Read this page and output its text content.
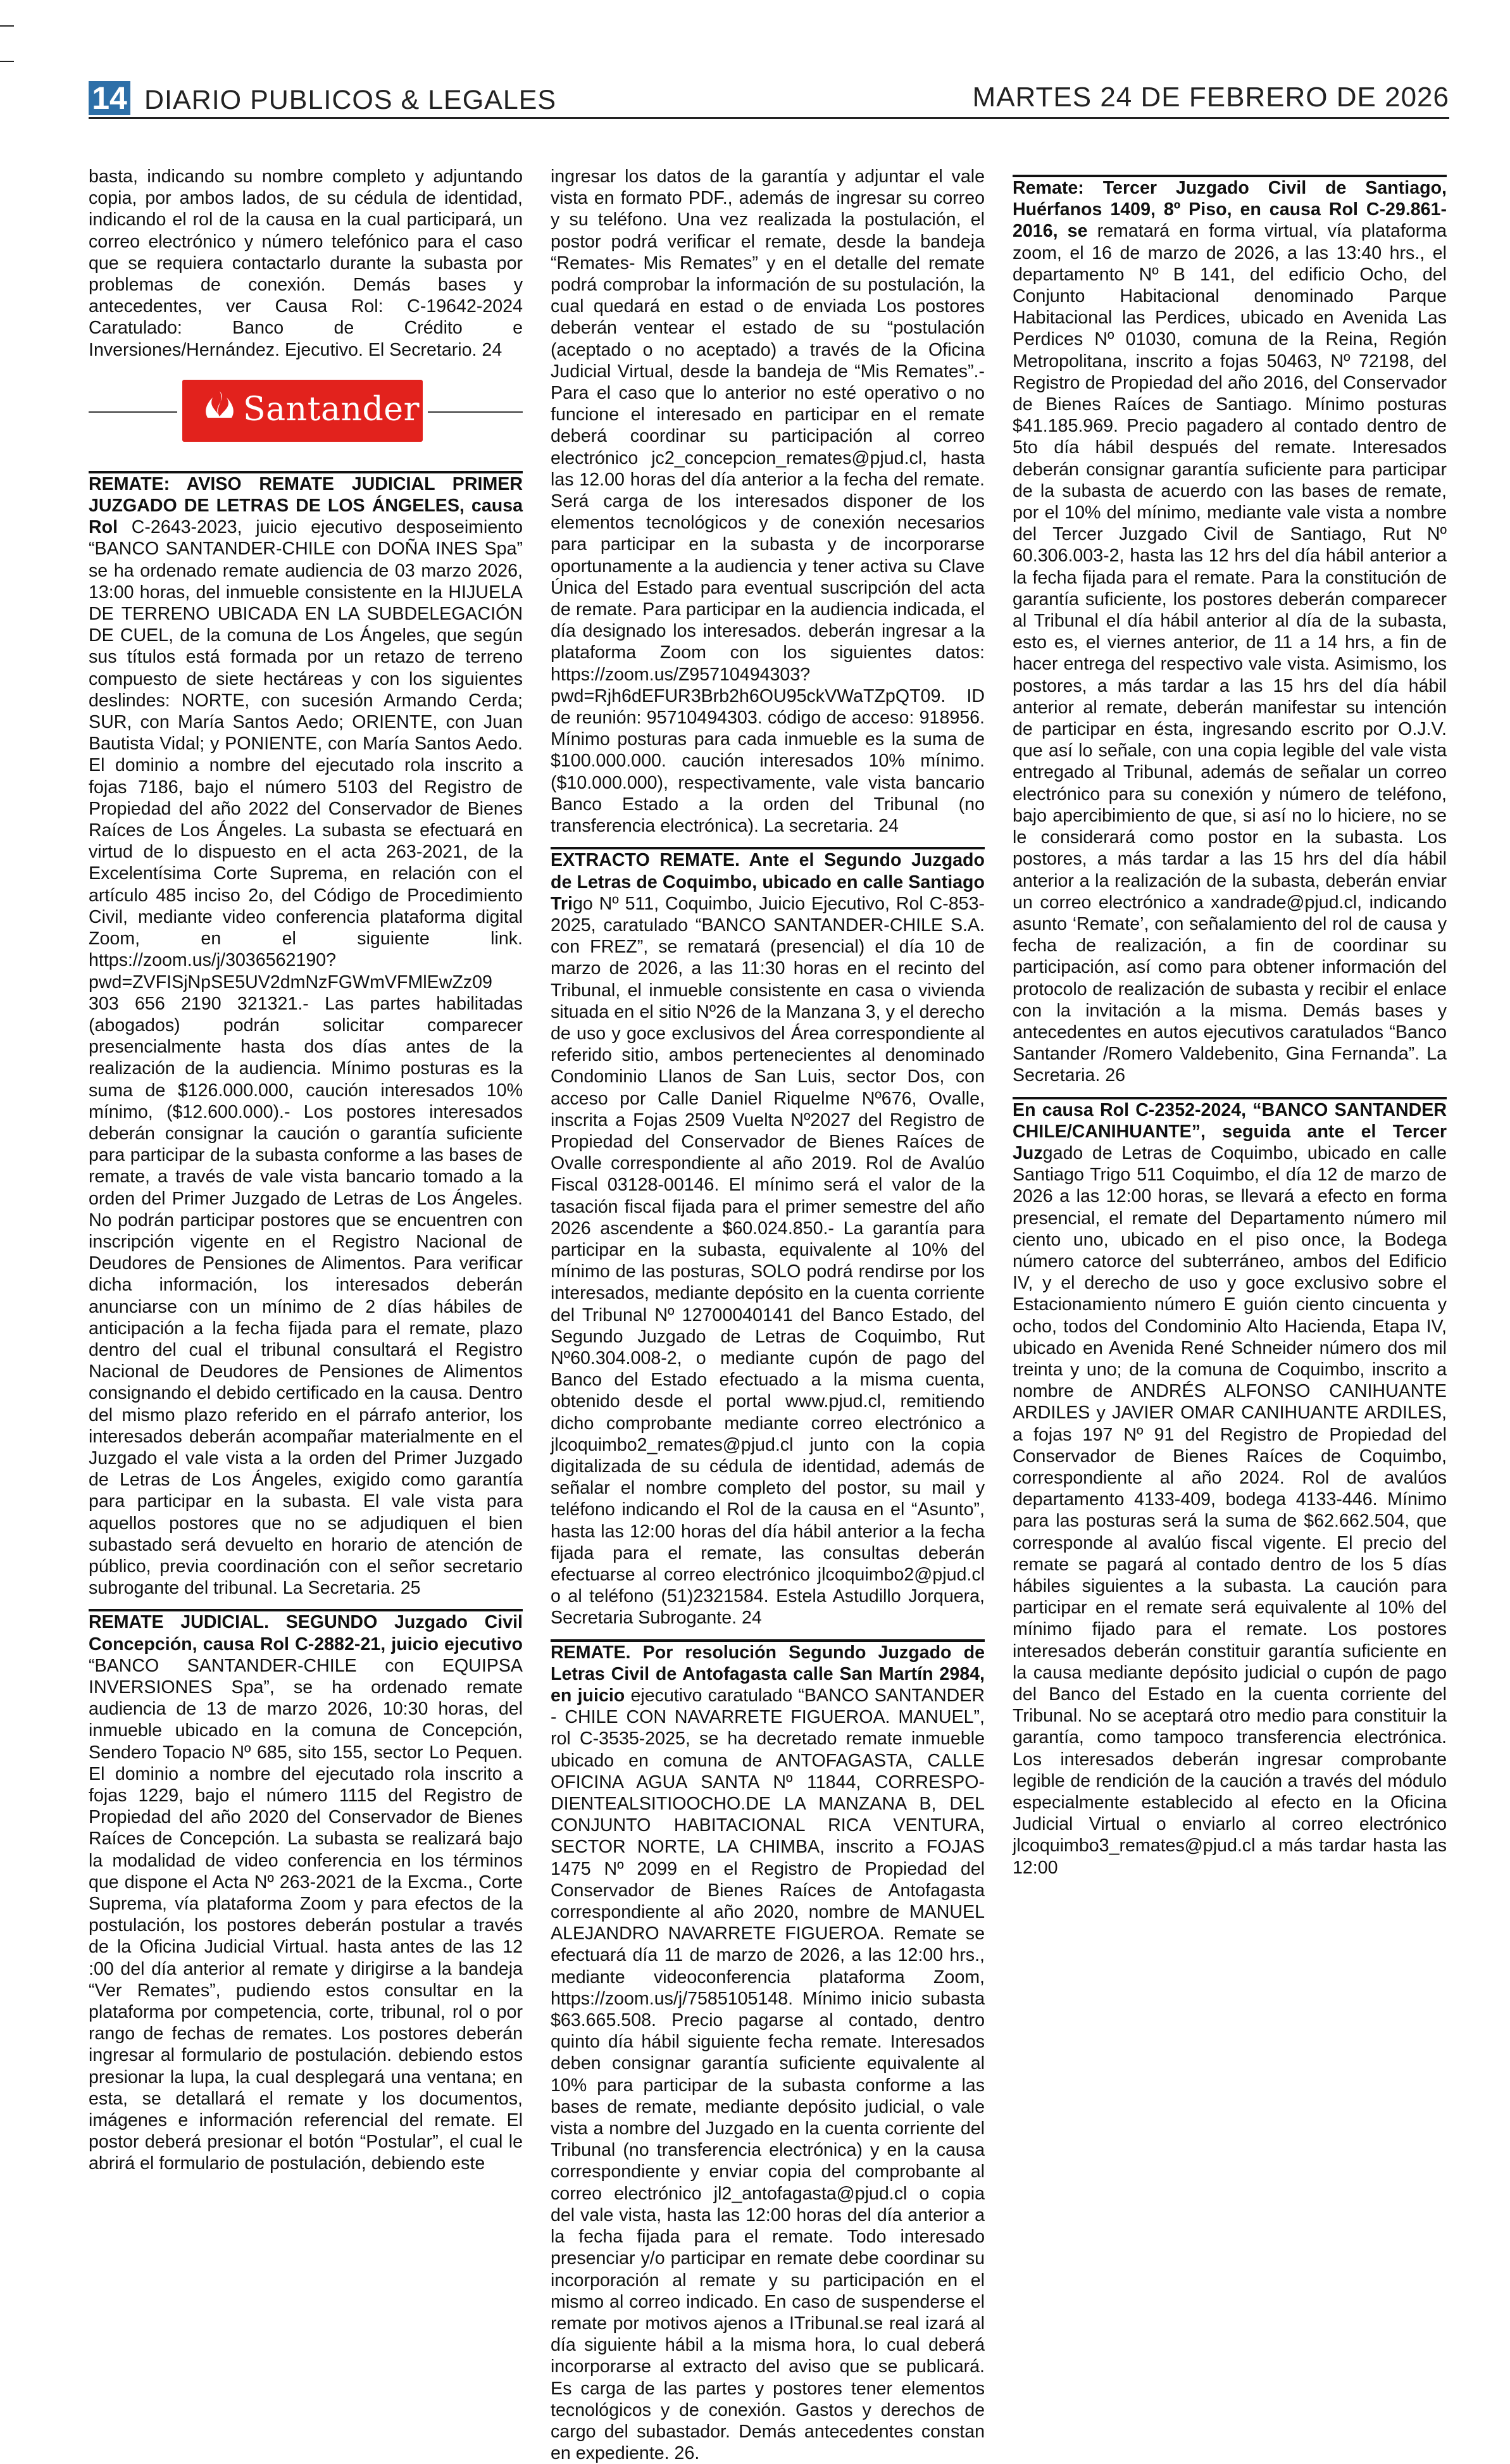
14 DIARIO PUBLICOS & LEGALES	MARTES 24 DE FEBRERO DE 2026

basta, indicando su nombre completo y adjuntando copia, por ambos lados, de su cédula de identidad, indicando el rol de la causa en la cual participará, un correo electrónico y número telefónico para el caso que se requiera contactarlo durante la subasta por problemas de conexión. Demás bases y antecedentes, ver Causa Rol: C-19642-2024 Caratulado: Banco de Crédito e Inversiones/Hernández. Ejecutivo. El Secretario. 24

Santander

REMATE: AVISO REMATE JUDICIAL PRIMER JUZGADO DE LETRAS DE LOS ÁNGELES, causa Rol C-2643-2023, juicio ejecutivo desposeimiento “BANCO SANTANDER-CHILE con DOÑA INES Spa” se ha ordenado remate audiencia de 03 marzo 2026, 13:00 horas, del inmueble consistente en la HIJUELA DE TERRENO UBICADA EN LA SUBDELEGACIÓN DE CUEL, de la comuna de Los Ángeles, que según sus títulos está formada por un retazo de terreno compuesto de siete hectáreas y con los siguientes deslindes: NORTE, con sucesión Armando Cerda; SUR, con María Santos Aedo; ORIENTE, con Juan Bautista Vidal; y PONIENTE, con María Santos Aedo. El dominio a nombre del ejecutado rola inscrito a fojas 7186, bajo el número 5103 del Registro de Propiedad del año 2022 del Conservador de Bienes Raíces de Los Ángeles. La subasta se efectuará en virtud de lo dispuesto en el acta 263-2021, de la Excelentísima Corte Suprema, en relación con el artículo 485 inciso 2o, del Código de Procedimiento Civil, mediante video conferencia plataforma digital Zoom, en el siguiente link. https://zoom.us/j/3036562190?pwd=ZVFISjNpSE5UV2dmNzFGWmVFMlEwZz09 303 656 2190 321321.- Las partes habilitadas (abogados) podrán solicitar comparecer presencialmente hasta dos días antes de la realización de la audiencia. Mínimo posturas es la suma de $126.000.000, caución interesados 10% mínimo, ($12.600.000).- Los postores interesados deberán consignar la caución o garantía suficiente para participar de la subasta conforme a las bases de remate, a través de vale vista bancario tomado a la orden del Primer Juzgado de Letras de Los Ángeles. No podrán participar postores que se encuentren con inscripción vigente en el Registro Nacional de Deudores de Pensiones de Alimentos. Para verificar dicha información, los interesados deberán anunciarse con un mínimo de 2 días hábiles de anticipación a la fecha fijada para el remate, plazo dentro del cual el tribunal consultará el Registro Nacional de Deudores de Pensiones de Alimentos consignando el debido certificado en la causa. Dentro del mismo plazo referido en el párrafo anterior, los interesados deberán acompañar materialmente en el Juzgado el vale vista a la orden del Primer Juzgado de Letras de Los Ángeles, exigido como garantía para participar en la subasta. El vale vista para aquellos postores que no se adjudiquen el bien subastado será devuelto en horario de atención de público, previa coordinación con el señor secretario subrogante del tribunal. La Secretaria. 25

REMATE JUDICIAL. SEGUNDO Juzgado Civil Concepción, causa Rol C-2882-21, juicio ejecutivo “BANCO SANTANDER-CHILE con EQUIPSA INVERSIONES Spa”, se ha ordenado remate audiencia de 13 de marzo 2026, 10:30 horas, del inmueble ubicado en la comuna de Concepción, Sendero Topacio Nº 685, sito 155, sector Lo Pequen. El dominio a nombre del ejecutado rola inscrito a fojas 1229, bajo el número 1115 del Registro de Propiedad del año 2020 del Conservador de Bienes Raíces de Concepción. La subasta se realizará bajo la modalidad de video conferencia en los términos que dispone el Acta Nº 263-2021 de la Excma., Corte Suprema, vía plataforma Zoom y para efectos de la postulación, los postores deberán postular a través de la Oficina Judicial Virtual. hasta antes de las 12 :00 del día anterior al remate y dirigirse a la bandeja “Ver Remates”, pudiendo estos consultar en la plataforma por competencia, corte, tribunal, rol o por rango de fechas de remates. Los postores deberán ingresar al formulario de postulación. debiendo estos presionar la lupa, la cual desplegará una ventana; en esta, se detallará el remate y los documentos, imágenes e información referencial del remate. El postor deberá presionar el botón “Postular”, el cual le abrirá el formulario de postulación, debiendo este

ingresar los datos de la garantía y adjuntar el vale vista en formato PDF., además de ingresar su correo y su teléfono. Una vez realizada la postulación, el postor podrá verificar el remate, desde la bandeja “Remates- Mis Remates” y en el detalle del remate podrá comprobar la información de su postulación, la cual quedará en estad o de enviada Los postores deberán ventear el estado de su “postulación (aceptado o no aceptado) a través de la Oficina Judicial Virtual, desde la bandeja de “Mis Remates”.- Para el caso que lo anterior no esté operativo o no funcione el interesado en participar en el remate deberá coordinar su participación al correo electrónico jc2_concepcion_remates@pjud.cl, hasta las 12.00 horas del día anterior a la fecha del remate. Será carga de los interesados disponer de los elementos tecnológicos y de conexión necesarios para participar en la subasta y de incorporarse oportunamente a la audiencia y tener activa su Clave Única del Estado para eventual suscripción del acta de remate. Para participar en la audiencia indicada, el día designado los interesados. deberán ingresar a la plataforma Zoom con los siguientes datos: https://zoom.us/Z95710494303?pwd=Rjh6dEFUR3Brb2h6OU95ckVWaTZpQT09. ID de reunión: 95710494303. código de acceso: 918956. Mínimo posturas para cada inmueble es la suma de $100.000.000. caución interesados 10% mínimo. ($10.000.000), respectivamente, vale vista bancario Banco Estado a la orden del Tribunal (no transferencia electrónica). La secretaria. 24

EXTRACTO REMATE. Ante el Segundo Juzgado de Letras de Coquimbo, ubicado en calle Santiago Trigo Nº 511, Coquimbo, Juicio Ejecutivo, Rol C-853-2025, caratulado “BANCO SANTANDER-CHILE S.A. con FREZ”, se rematará (presencial) el día 10 de marzo de 2026, a las 11:30 horas en el recinto del Tribunal, el inmueble consistente en casa o vivienda situada en el sitio Nº26 de la Manzana 3, y el derecho de uso y goce exclusivos del Área correspondiente al referido sitio, ambos pertenecientes al denominado Condominio Llanos de San Luis, sector Dos, con acceso por Calle Daniel Riquelme Nº676, Ovalle, inscrita a Fojas 2509 Vuelta Nº2027 del Registro de Propiedad del Conservador de Bienes Raíces de Ovalle correspondiente al año 2019. Rol de Avalúo Fiscal 03128-00146. El mínimo será el valor de la tasación fiscal fijada para el primer semestre del año 2026 ascendente a $60.024.850.- La garantía para participar en la subasta, equivalente al 10% del mínimo de las posturas, SOLO podrá rendirse por los interesados, mediante depósito en la cuenta corriente del Tribunal Nº 12700040141 del Banco Estado, del Segundo Juzgado de Letras de Coquimbo, Rut Nº60.304.008-2, o mediante cupón de pago del Banco del Estado efectuado a la misma cuenta, obtenido desde el portal www.pjud.cl, remitiendo dicho comprobante mediante correo electrónico a jlcoquimbo2_remates@pjud.cl junto con la copia digitalizada de su cédula de identidad, además de señalar el nombre completo del postor, su mail y teléfono indicando el Rol de la causa en el “Asunto”, hasta las 12:00 horas del día hábil anterior a la fecha fijada para el remate, las consultas deberán efectuarse al correo electrónico jlcoquimbo2@pjud.cl o al teléfono (51)2321584. Estela Astudillo Jorquera, Secretaria Subrogante. 24

REMATE. Por resolución Segundo Juzgado de Letras Civil de Antofagasta calle San Martín 2984, en juicio ejecutivo caratulado “BANCO SANTANDER - CHILE CON NAVARRETE FIGUEROA. MANUEL”, rol C-3535-2025, se ha decretado remate inmueble ubicado en comuna de ANTOFAGASTA, CALLE OFICINA AGUA SANTA Nº 11844, CORRESPO-DIENTEALSITIOOCHO.DE LA MANZANA B, DEL CONJUNTO HABITACIONAL RICA VENTURA, SECTOR NORTE, LA CHIMBA, inscrito a FOJAS 1475 Nº 2099 en el Registro de Propiedad del Conservador de Bienes Raíces de Antofagasta correspondiente al año 2020, nombre de MANUEL ALEJANDRO NAVARRETE FIGUEROA. Remate se efectuará día 11 de marzo de 2026, a las 12:00 hrs., mediante videoconferencia plataforma Zoom, https://zoom.us/j/7585105148. Mínimo inicio subasta $63.665.508. Precio pagarse al contado, dentro quinto día hábil siguiente fecha remate. Interesados deben consignar garantía suficiente equivalente al 10% para participar de la subasta conforme a las bases de remate, mediante depósito judicial, o vale vista a nombre del Juzgado en la cuenta corriente del Tribunal (no transferencia electrónica) y en la causa correspondiente y enviar copia del comprobante al correo electrónico jl2_antofagasta@pjud.cl o copia del vale vista, hasta las 12:00 horas del día anterior a la fecha fijada para el remate. Todo interesado presenciar y/o participar en remate debe coordinar su incorporación al remate y su participación en el mismo al correo indicado. En caso de suspenderse el remate por motivos ajenos a ITribunal.se real izará al día siguiente hábil a la misma hora, lo cual deberá incorporarse al extracto del aviso que se publicará. Es carga de las partes y postores tener elementos tecnológicos y de conexión. Gastos y derechos de cargo del subastador. Demás antecedentes constan en expediente. 26.

Remate: Tercer Juzgado Civil de Santiago, Huérfanos 1409, 8º Piso, en causa Rol C-29.861-2016, se rematará en forma virtual, vía plataforma zoom, el 16 de marzo de 2026, a las 13:40 hrs., el departamento Nº B 141, del edificio Ocho, del Conjunto Habitacional denominado Parque Habitacional las Perdices, ubicado en Avenida Las Perdices Nº 01030, comuna de la Reina, Región Metropolitana, inscrito a fojas 50463, Nº 72198, del Registro de Propiedad del año 2016, del Conservador de Bienes Raíces de Santiago. Mínimo posturas $41.185.969. Precio pagadero al contado dentro de 5to día hábil después del remate. Interesados deberán consignar garantía suficiente para participar de la subasta de acuerdo con las bases de remate, por el 10% del mínimo, mediante vale vista a nombre del Tercer Juzgado Civil de Santiago, Rut Nº 60.306.003-2, hasta las 12 hrs del día hábil anterior a la fecha fijada para el remate. Para la constitución de garantía suficiente, los postores deberán comparecer al Tribunal el día hábil anterior al día de la subasta, esto es, el viernes anterior, de 11 a 14 hrs, a fin de hacer entrega del respectivo vale vista. Asimismo, los postores, a más tardar a las 15 hrs del día hábil anterior al remate, deberán manifestar su intención de participar en ésta, ingresando escrito por O.J.V. que así lo señale, con una copia legible del vale vista entregado al Tribunal, además de señalar un correo electrónico para su conexión y número de teléfono, bajo apercibimiento de que, si así no lo hiciere, no se le considerará como postor en la subasta. Los postores, a más tardar a las 15 hrs del día hábil anterior a la realización de la subasta, deberán enviar un correo electrónico a xandrade@pjud.cl, indicando asunto ‘Remate’, con señalamiento del rol de causa y fecha de realización, a fin de coordinar su participación, así como para obtener información del protocolo de realización de subasta y recibir el enlace con la invitación a la misma. Demás bases y antecedentes en autos ejecutivos caratulados “Banco Santander /Romero Valdebenito, Gina Fernanda”. La Secretaria. 26

En causa Rol C-2352-2024, “BANCO SANTANDER CHILE/CANIHUANTE”, seguida ante el Tercer Juzgado de Letras de Coquimbo, ubicado en calle Santiago Trigo 511 Coquimbo, el día 12 de marzo de 2026 a las 12:00 horas, se llevará a efecto en forma presencial, el remate del Departamento número mil ciento uno, ubicado en el piso once, la Bodega número catorce del subterráneo, ambos del Edificio IV, y el derecho de uso y goce exclusivo sobre el Estacionamiento número E guión ciento cincuenta y ocho, todos del Condominio Alto Hacienda, Etapa IV, ubicado en Avenida René Schneider número dos mil treinta y uno; de la comuna de Coquimbo, inscrito a nombre de ANDRÉS ALFONSO CANIHUANTE ARDILES y JAVIER OMAR CANIHUANTE ARDILES, a fojas 197 Nº 91 del Registro de Propiedad del Conservador de Bienes Raíces de Coquimbo, correspondiente al año 2024. Rol de avalúos departamento 4133-409, bodega 4133-446. Mínimo para las posturas será la suma de $62.662.504, que corresponde al avalúo fiscal vigente. El precio del remate se pagará al contado dentro de los 5 días hábiles siguientes a la subasta. La caución para participar en el remate será equivalente al 10% del mínimo fijado para el remate. Los postores interesados deberán constituir garantía suficiente en la causa mediante depósito judicial o cupón de pago del Banco del Estado en la cuenta corriente del Tribunal. No se aceptará otro medio para constituir la garantía, como tampoco transferencia electrónica. Los interesados deberán ingresar comprobante legible de rendición de la caución a través del módulo especialmente establecido al efecto en la Oficina Judicial Virtual o enviarlo al correo electrónico jlcoquimbo3_remates@pjud.cl a más tardar hasta las 12:00
